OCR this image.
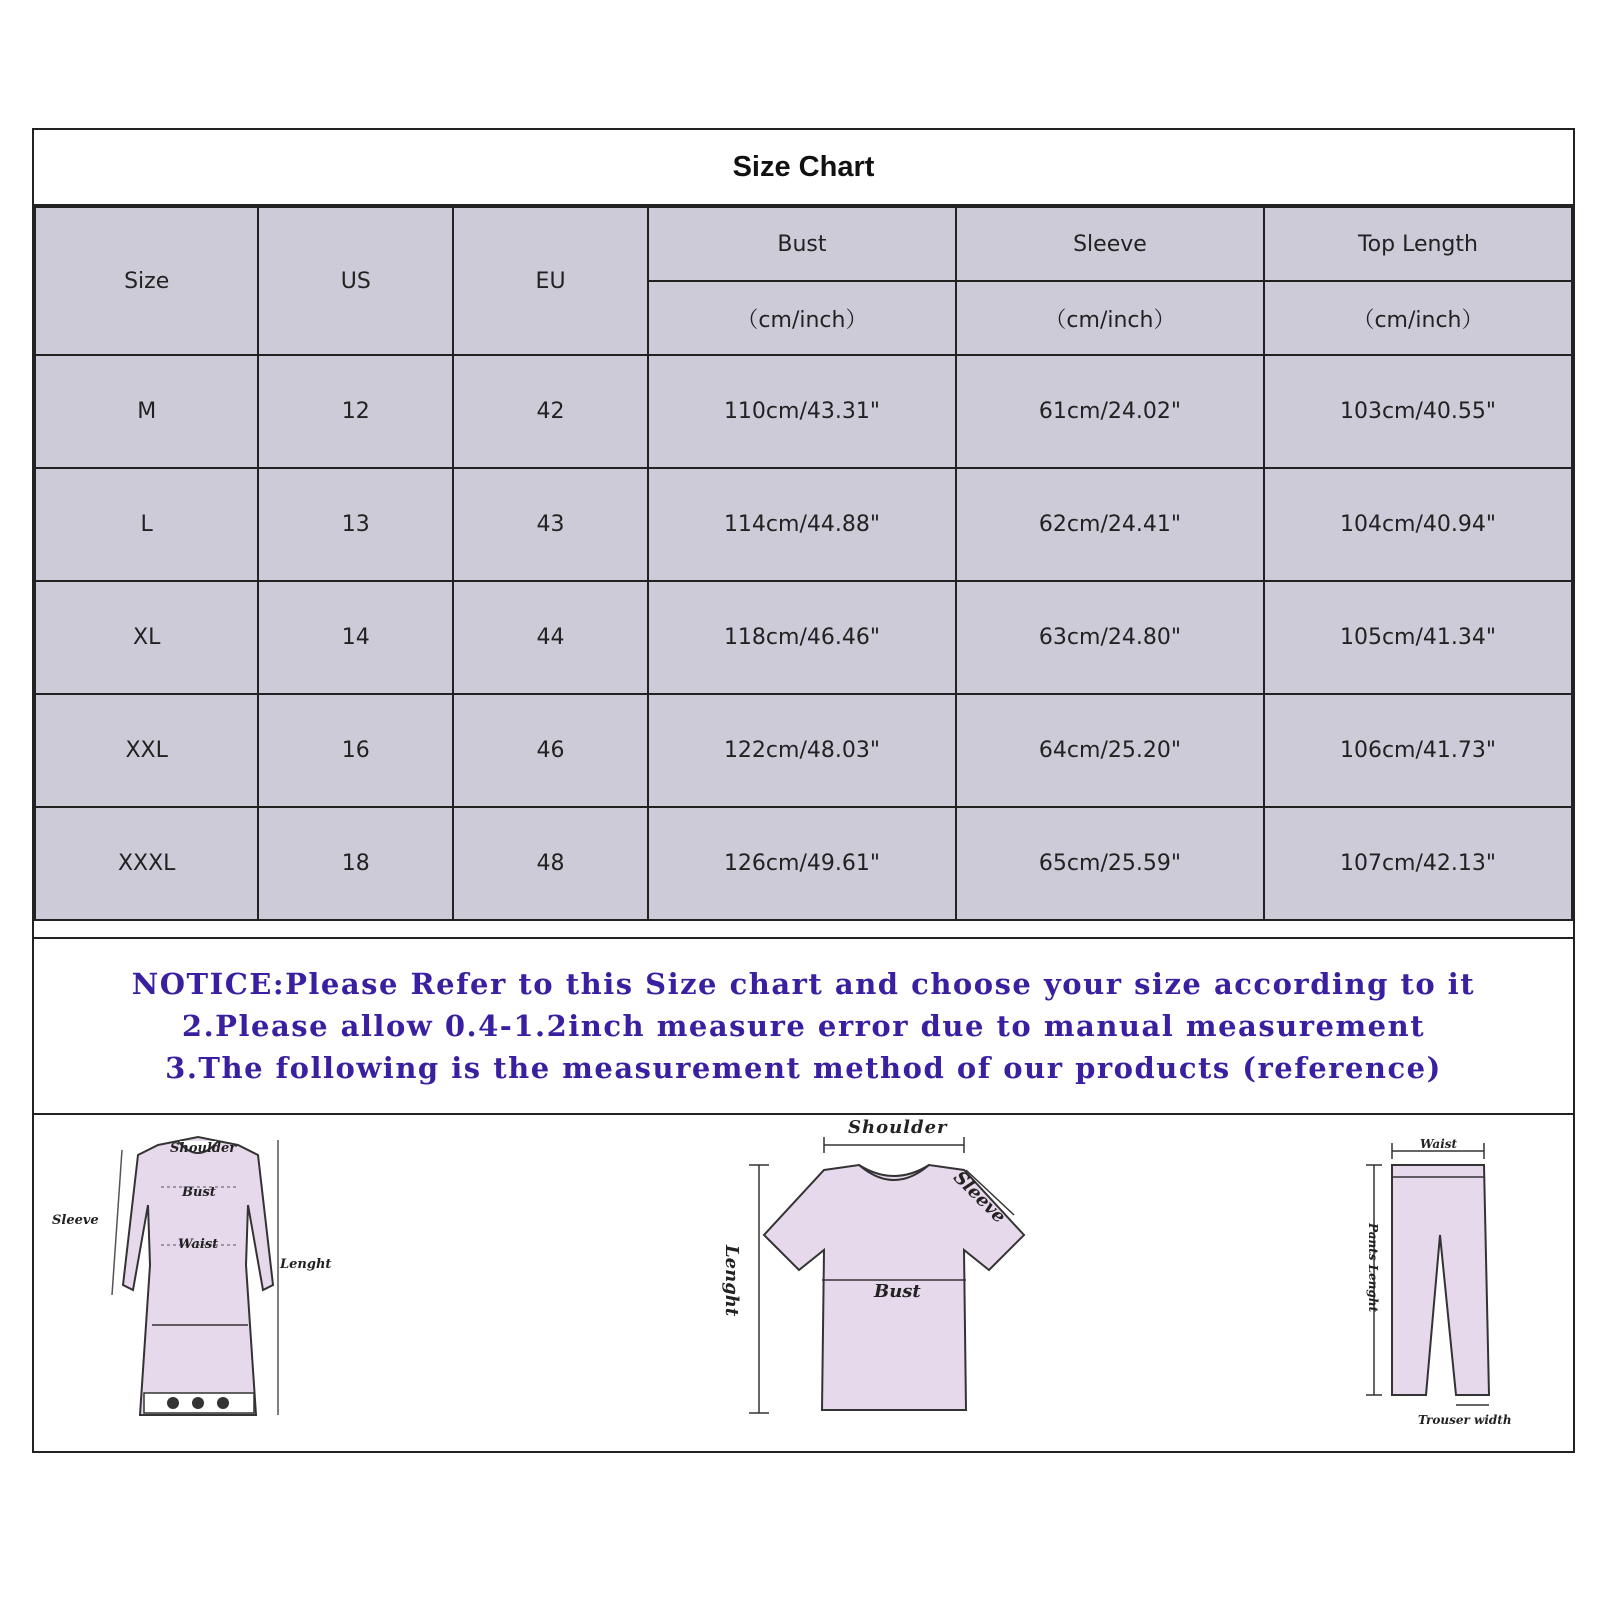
Size Chart
Size	US	EU	Bust	Sleeve	Top Length
			（cm/inch）	（cm/inch）	（cm/inch）
M	12	42	110cm/43.31"	61cm/24.02"	103cm/40.55"
L	13	43	114cm/44.88"	62cm/24.41"	104cm/40.94"
XL	14	44	118cm/46.46"	63cm/24.80"	105cm/41.34"
XXL	16	46	122cm/48.03"	64cm/25.20"	106cm/41.73"
XXXL	18	48	126cm/49.61"	65cm/25.59"	107cm/42.13"
NOTICE:Please Refer to this Size chart and choose your size according to it
2.Please allow 0.4-1.2inch measure error due to manual measurement
3.The following is the measurement method of our products (reference)
Shoulder
Bust
Waist
Sleeve
Lenght
Shoulder
Sleeve
Bust
Lenght
Waist
Pants Lenght
Trouser width
